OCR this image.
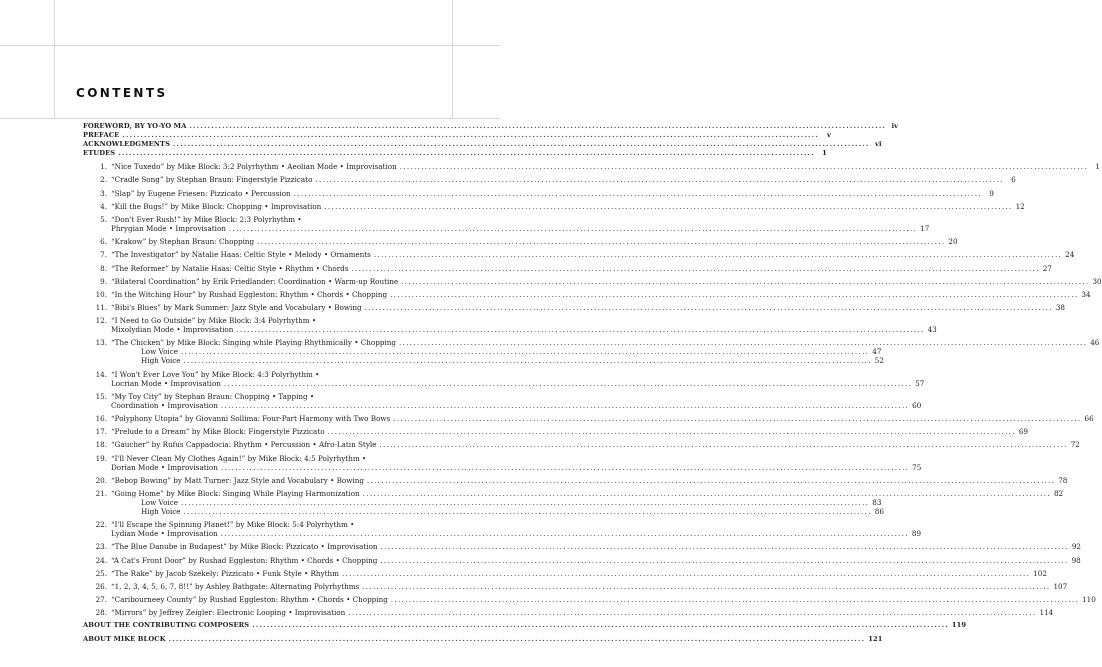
CONTENTS
FOREWORD, BY YO-YO MA ................................................................................................................................................................................................ iv
PREFACE ................................................................................................................................................................................................	v
ACKNOWLEDGMENTS ................................................................................................................................................................................................ vi
ETUDES ................................................................................................................................................................................................	1
1. “Nice Tuxedo” by Mike Block: 3:2 Polyrhythm • Aeolian Mode • Improvisation ................................................................................................................................................................................................	1
2. “Cradle Song” by Stephan Braun: Fingerstyle Pizzicato ................................................................................................................................................................................................	6
3. “Slap” by Eugene Friesen: Pizzicato • Percussion ................................................................................................................................................................................................	9
4. “Kill the Bugs!” by Mike Block: Chopping • Improvisation ................................................................................................................................................................................................ 12
5. “Don't Ever Rush!” by Mike Block: 2:3 Polyrhythm •
Phrygian Mode • Improvisation ................................................................................................................................................................................................ 17
6. “Krakow” by Stephan Braun: Chopping ................................................................................................................................................................................................ 20
7. “The Investigator” by Natalie Haas: Celtic Style • Melody • Ornaments ................................................................................................................................................................................................ 24
8. “The Reformer” by Natalie Haas: Celtic Style • Rhythm • Chords ................................................................................................................................................................................................ 27
9. “Bilateral Coordination” by Erik Friedlander: Coordination • Warm-up Routine ................................................................................................................................................................................................ 30
10. “In the Witching Hour” by Rushad Eggleston: Rhythm • Chords • Chopping ................................................................................................................................................................................................ 34
11. “Bibi's Blues” by Mark Summer: Jazz Style and Vocabulary • Bowing ................................................................................................................................................................................................ 38
12. “I Need to Go Outside” by Mike Block: 3:4 Polyrhythm •
Mixolydian Mode • Improvisation ................................................................................................................................................................................................ 43
13. “The Chicken” by Mike Block: Singing while Playing Rhythmically • Chopping ................................................................................................................................................................................................ 46
Low Voice ................................................................................................................................................................................................ 47
High Voice ................................................................................................................................................................................................ 52
14. “I Won't Ever Love You” by Mike Block: 4:3 Polyrhythm •
Locrian Mode • Improvisation ................................................................................................................................................................................................ 57
15. “My Toy City” by Stephan Braun: Chopping • Tapping •
Coordination • Improvisation ................................................................................................................................................................................................ 60
16. “Polyphony Utopia” by Giovanni Sollima: Four-Part Harmony with Two Bows ................................................................................................................................................................................................ 66
17. “Prelude to a Dream” by Mike Block: Fingerstyle Pizzicato ................................................................................................................................................................................................ 69
18. “Gaucher” by Rufus Cappadocia: Rhythm • Percussion • Afro-Latin Style ................................................................................................................................................................................................ 72
19. “I'll Never Clean My Clothes Again!” by Mike Block: 4:5 Polyrhythm •
Dorian Mode • Improvisation ................................................................................................................................................................................................ 75
20. “Bebop Bowing” by Matt Turner: Jazz Style and Vocabulary • Bowing ................................................................................................................................................................................................ 78
21. “Going Home” by Mike Block: Singing While Playing Harmonization ................................................................................................................................................................................................ 82
Low Voice ................................................................................................................................................................................................ 83
High Voice ................................................................................................................................................................................................ 86
22. “I'll Escape the Spinning Planet!” by Mike Block: 5:4 Polyrhythm •
Lydian Mode • Improvisation ................................................................................................................................................................................................ 89
23. “The Blue Danube in Budapest” by Mike Block: Pizzicato • Improvisation ................................................................................................................................................................................................ 92
24. “A Cat's Front Door” by Rushad Eggleston: Rhythm • Chords • Chopping ................................................................................................................................................................................................ 98
25. “The Rake” by Jacob Szekely: Pizzicato • Funk Style • Rhythm ................................................................................................................................................................................................ 102
26. “1, 2, 3, 4, 5, 6, 7, 8!!” by Ashley Bathgate: Alternating Polyrhythms ................................................................................................................................................................................................ 107
27. “Caribourneey County” by Rushad Eggleston: Rhythm • Chords • Chopping ................................................................................................................................................................................................ 110
28. “Mirrors” by Jeffrey Zeigler: Electronic Looping • Improvisation ................................................................................................................................................................................................ 114
ABOUT THE CONTRIBUTING COMPOSERS ................................................................................................................................................................................................ 119
ABOUT MIKE BLOCK ................................................................................................................................................................................................ 121
